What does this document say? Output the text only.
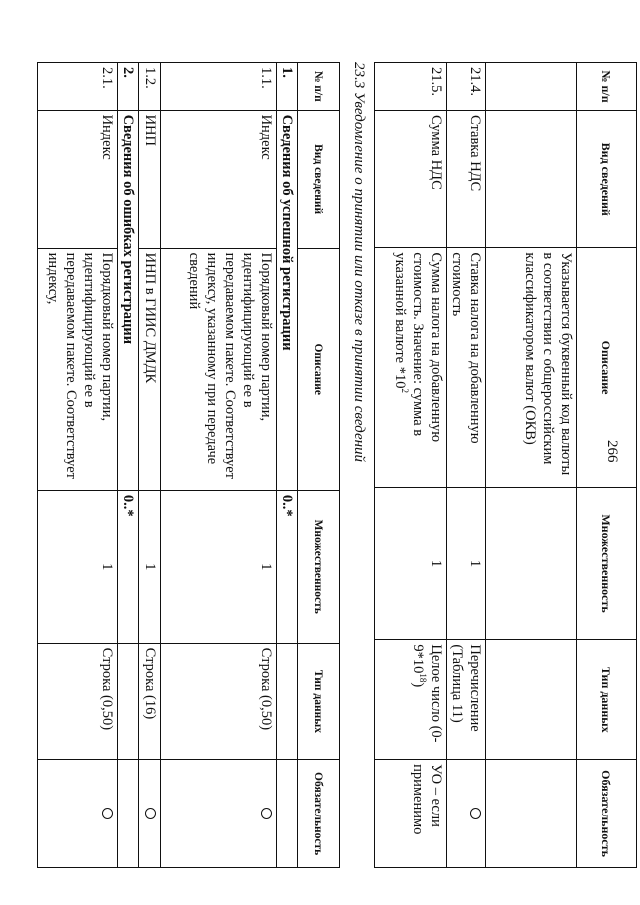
266
№ п/п	Вид сведений	Описание	Множественность	Тип данных	Обязательность
		Указывается буквенный код валюты в соответствии с общероссийским классификатором валют (ОКВ)			
21.4.	Ставка НДС	Ставка налога на добавленную стоимость	1	Перечисление (Таблица 11)	
21.5.	Сумма НДС	Сумма налога на добавленную стоимость. Значение: сумма в указанной валюте $*10^2$	1	Целое число $(0-9*10^{18})$	УО – если применимо
23.3 Уведомление о принятии или отказе в принятии сведений
№ п/п	Вид сведений	Описание	Множественность	Тип данных	Обязательность
1.	Сведения об успешной регистрации		0..*		
1.1.	Индекс	Порядковый номер партии, идентифицирующий ее в передаваемом пакете. Соответствует индексу, указанному при передаче сведений	1	Строка (0,50)	
1.2.	ИНП	ИНП в ГИИС ДМДК	1	Строка (16)	
2.	Сведения об ошибках регистрации		0..*		
2.1.	Индекс	Порядковый номер партии, идентифицирующий ее в передаваемом пакете. Соответствует индексу,	1	Строка (0,50)	
